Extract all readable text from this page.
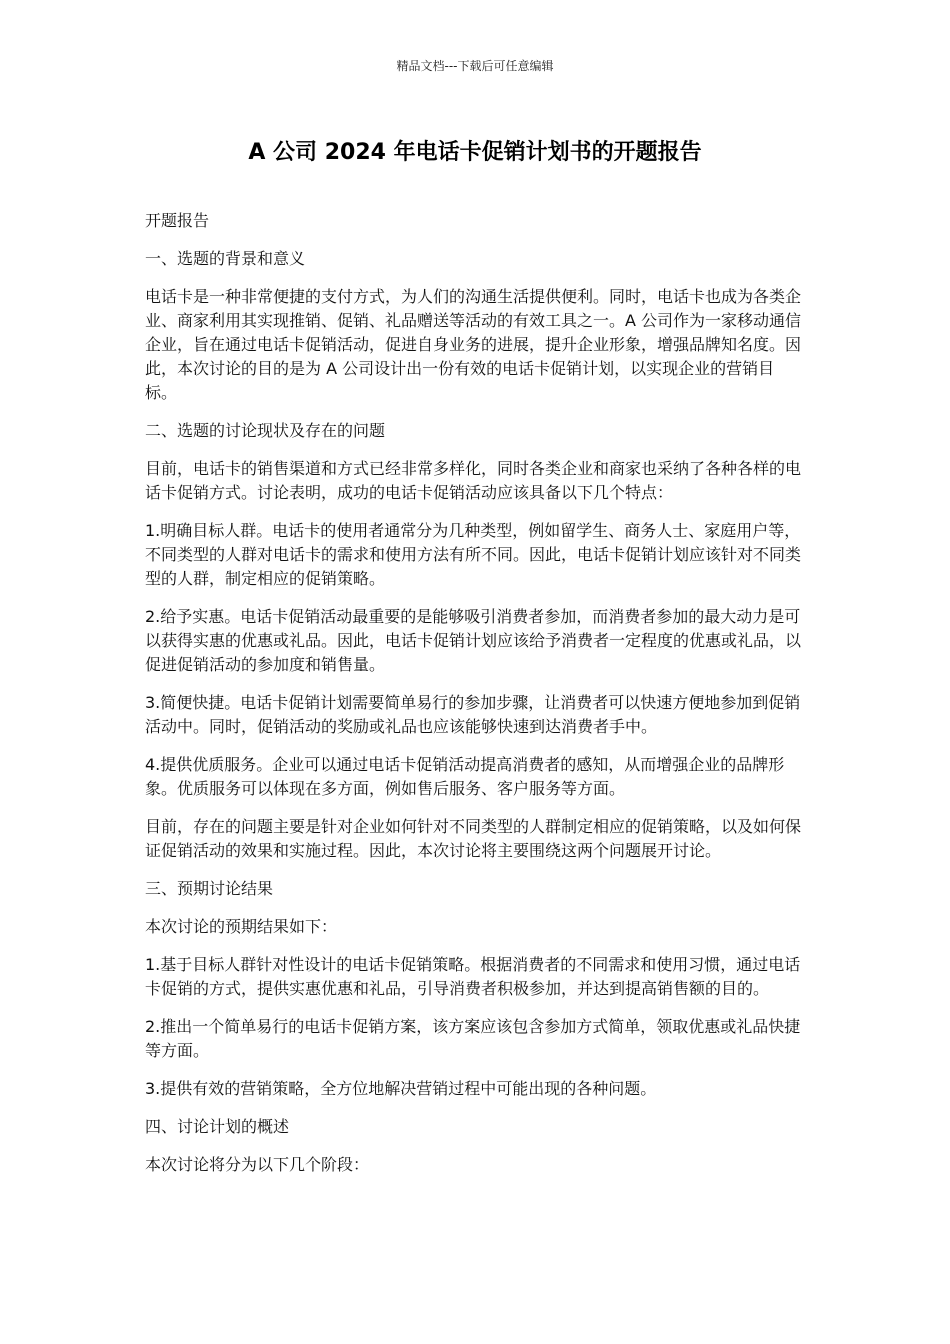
精品文档---下载后可任意编辑
A 公司 2024 年电话卡促销计划书的开题报告

开题报告

一、选题的背景和意义

电话卡是一种非常便捷的支付方式，为人们的沟通生活提供便利。同时，电话卡也成为各类企业、商家利用其实现推销、促销、礼品赠送等活动的有效工具之一。A 公司作为一家移动通信企业，旨在通过电话卡促销活动，促进自身业务的进展，提升企业形象，增强品牌知名度。因此，本次讨论的目的是为 A 公司设计出一份有效的电话卡促销计划，以实现企业的营销目标。

二、选题的讨论现状及存在的问题

目前，电话卡的销售渠道和方式已经非常多样化，同时各类企业和商家也采纳了各种各样的电话卡促销方式。讨论表明，成功的电话卡促销活动应该具备以下几个特点：

1.明确目标人群。电话卡的使用者通常分为几种类型，例如留学生、商务人士、家庭用户等，不同类型的人群对电话卡的需求和使用方法有所不同。因此，电话卡促销计划应该针对不同类型的人群，制定相应的促销策略。

2.给予实惠。电话卡促销活动最重要的是能够吸引消费者参加，而消费者参加的最大动力是可以获得实惠的优惠或礼品。因此，电话卡促销计划应该给予消费者一定程度的优惠或礼品，以促进促销活动的参加度和销售量。

3.简便快捷。电话卡促销计划需要简单易行的参加步骤，让消费者可以快速方便地参加到促销活动中。同时，促销活动的奖励或礼品也应该能够快速到达消费者手中。

4.提供优质服务。企业可以通过电话卡促销活动提高消费者的感知，从而增强企业的品牌形象。优质服务可以体现在多方面，例如售后服务、客户服务等方面。

目前，存在的问题主要是针对企业如何针对不同类型的人群制定相应的促销策略，以及如何保证促销活动的效果和实施过程。因此，本次讨论将主要围绕这两个问题展开讨论。

三、预期讨论结果

本次讨论的预期结果如下：

1.基于目标人群针对性设计的电话卡促销策略。根据消费者的不同需求和使用习惯，通过电话卡促销的方式，提供实惠优惠和礼品，引导消费者积极参加，并达到提高销售额的目的。

2.推出一个简单易行的电话卡促销方案，该方案应该包含参加方式简单，领取优惠或礼品快捷等方面。

3.提供有效的营销策略，全方位地解决营销过程中可能出现的各种问题。

四、讨论计划的概述

本次讨论将分为以下几个阶段：
